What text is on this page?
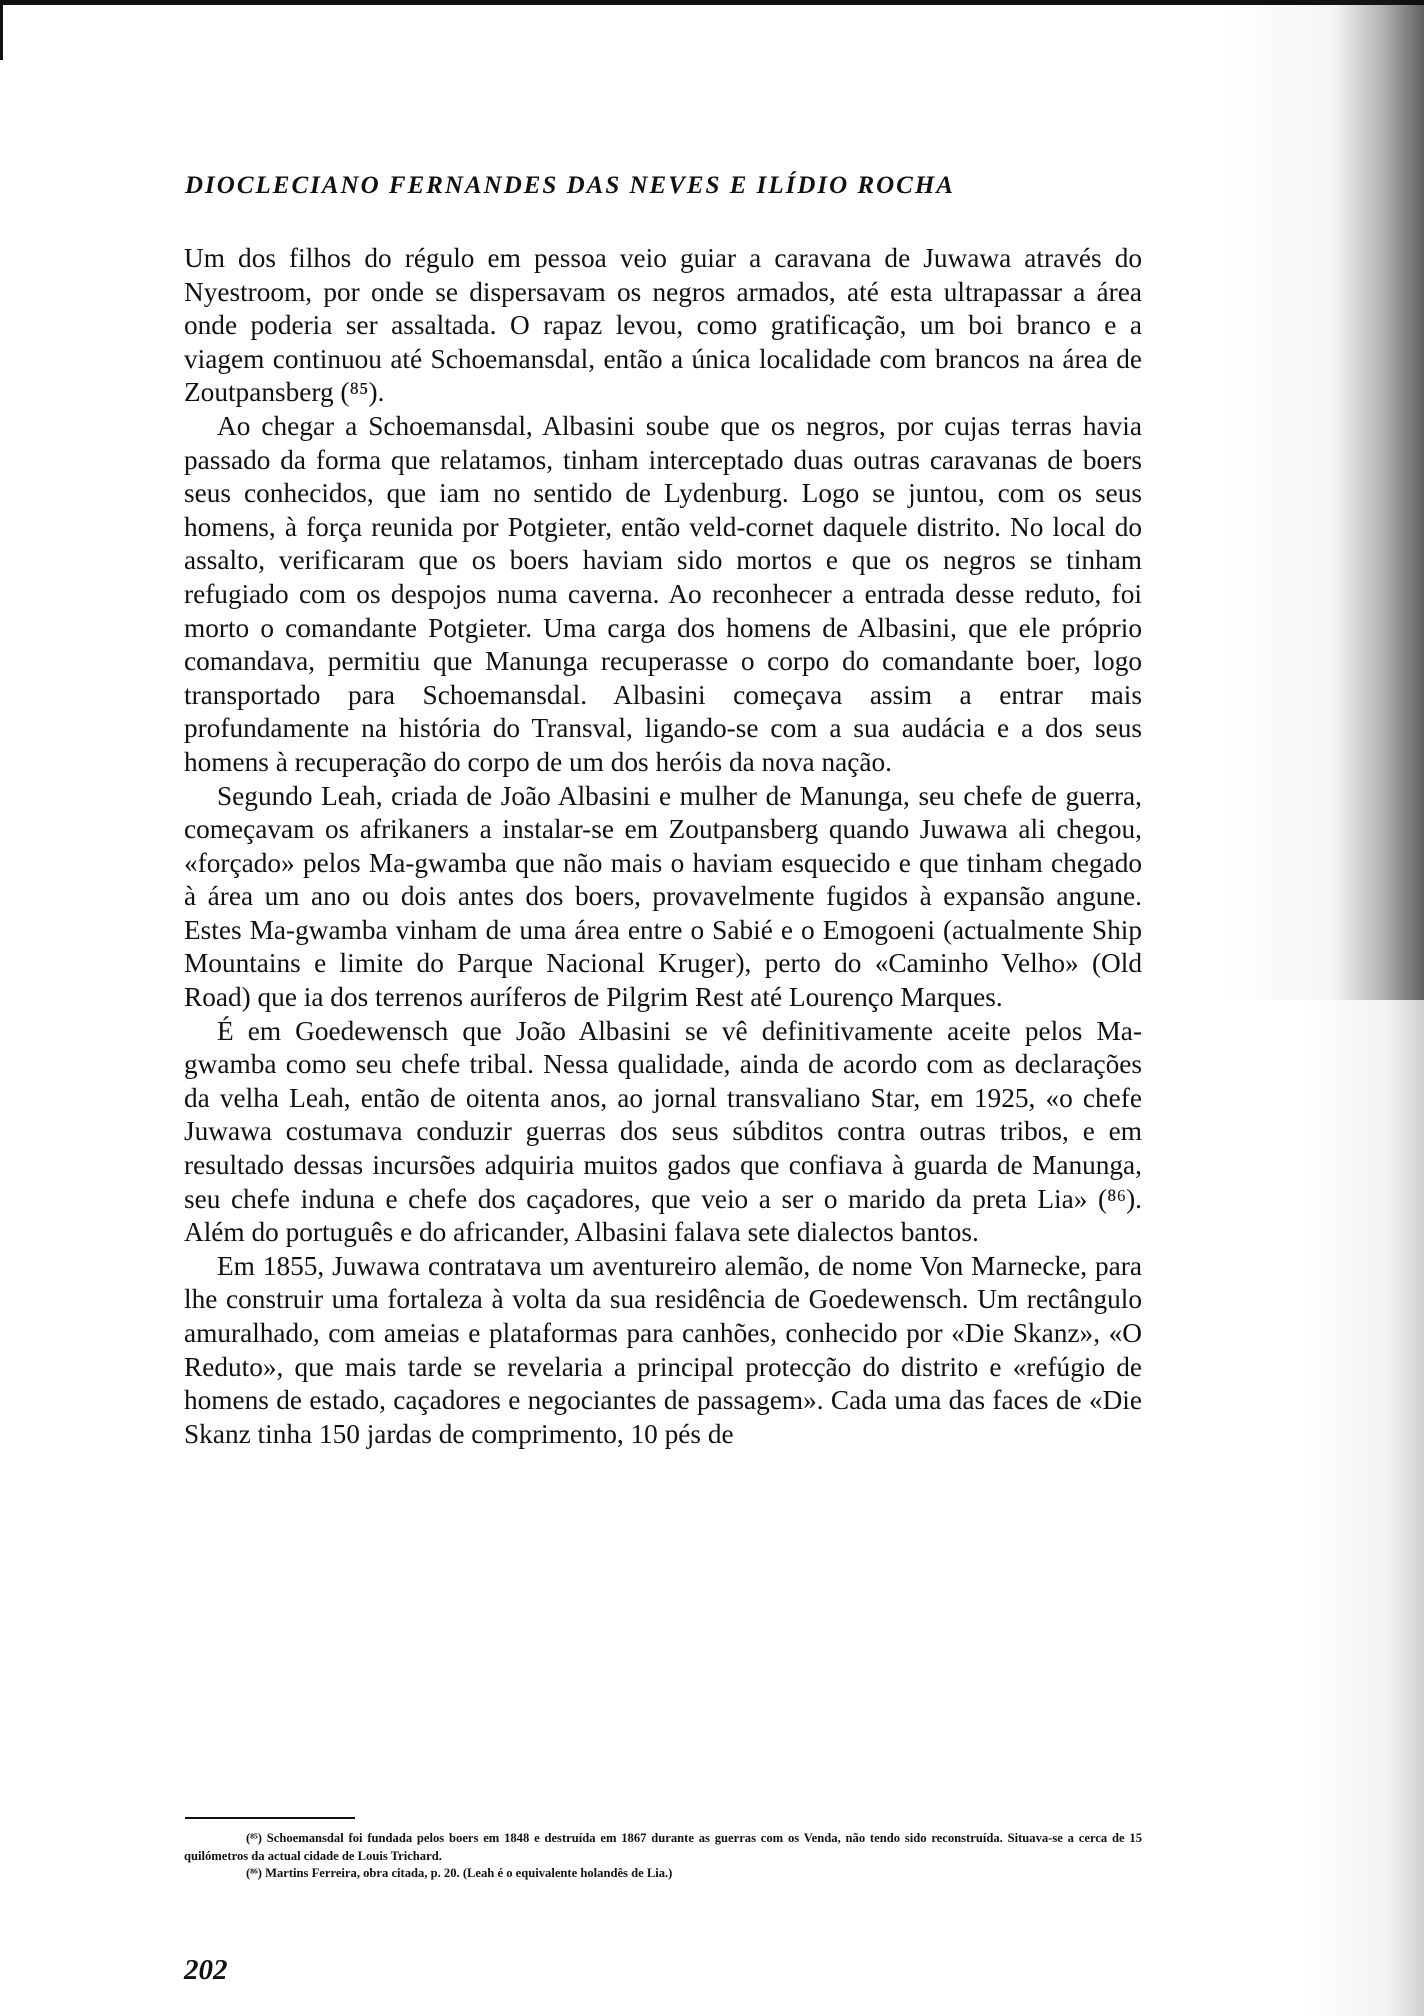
DIOCLECIANO FERNANDES DAS NEVES E ILÍDIO ROCHA

Um dos filhos do régulo em pessoa veio guiar a caravana de Juwawa através do Nyestroom, por onde se dispersavam os negros armados, até esta ultrapassar a área onde poderia ser assaltada. O rapaz levou, como gratificação, um boi branco e a viagem continuou até Schoemansdal, então a única localidade com brancos na área de Zoutpansberg (⁸⁵).

Ao chegar a Schoemansdal, Albasini soube que os negros, por cujas terras havia passado da forma que relatamos, tinham interceptado duas outras caravanas de boers seus conhecidos, que iam no sentido de Lydenburg. Logo se juntou, com os seus homens, à força reunida por Potgieter, então veld-cornet daquele distrito. No local do assalto, verificaram que os boers haviam sido mortos e que os negros se tinham refugiado com os despojos numa caverna. Ao reconhecer a entrada desse reduto, foi morto o comandante Potgieter. Uma carga dos homens de Albasini, que ele próprio comandava, permitiu que Manunga recuperasse o corpo do comandante boer, logo transportado para Schoemansdal. Albasini começava assim a entrar mais profundamente na história do Transval, ligando-se com a sua audácia e a dos seus homens à recuperação do corpo de um dos heróis da nova nação.

Segundo Leah, criada de João Albasini e mulher de Manunga, seu chefe de guerra, começavam os afrikaners a instalar-se em Zoutpansberg quando Juwawa ali chegou, «forçado» pelos Ma-gwamba que não mais o haviam esquecido e que tinham chegado à área um ano ou dois antes dos boers, provavelmente fugidos à expansão angune. Estes Ma-gwamba vinham de uma área entre o Sabié e o Emogoeni (actualmente Ship Mountains e limite do Parque Nacional Kruger), perto do «Caminho Velho» (Old Road) que ia dos terrenos auríferos de Pilgrim Rest até Lourenço Marques.

É em Goedewensch que João Albasini se vê definitivamente aceite pelos Ma-gwamba como seu chefe tribal. Nessa qualidade, ainda de acordo com as declarações da velha Leah, então de oitenta anos, ao jornal transvaliano Star, em 1925, «o chefe Juwawa costumava conduzir guerras dos seus súbditos contra outras tribos, e em resultado dessas incursões adquiria muitos gados que confiava à guarda de Manunga, seu chefe induna e chefe dos caçadores, que veio a ser o marido da preta Lia» (⁸⁶). Além do português e do africander, Albasini falava sete dialectos bantos.

Em 1855, Juwawa contratava um aventureiro alemão, de nome Von Marnecke, para lhe construir uma fortaleza à volta da sua residência de Goedewensch. Um rectângulo amuralhado, com ameias e plataformas para canhões, conhecido por «Die Skanz», «O Reduto», que mais tarde se revelaria a principal protecção do distrito e «refúgio de homens de estado, caçadores e negociantes de passagem». Cada uma das faces de «Die Skanz tinha 150 jardas de comprimento, 10 pés de

(⁸⁵) Schoemansdal foi fundada pelos boers em 1848 e destruída em 1867 durante as guerras com os Venda, não tendo sido reconstruída. Situava-se a cerca de 15 quilómetros da actual cidade de Louis Trichard.

(⁸⁶) Martins Ferreira, obra citada, p. 20. (Leah é o equivalente holandês de Lia.)

202
